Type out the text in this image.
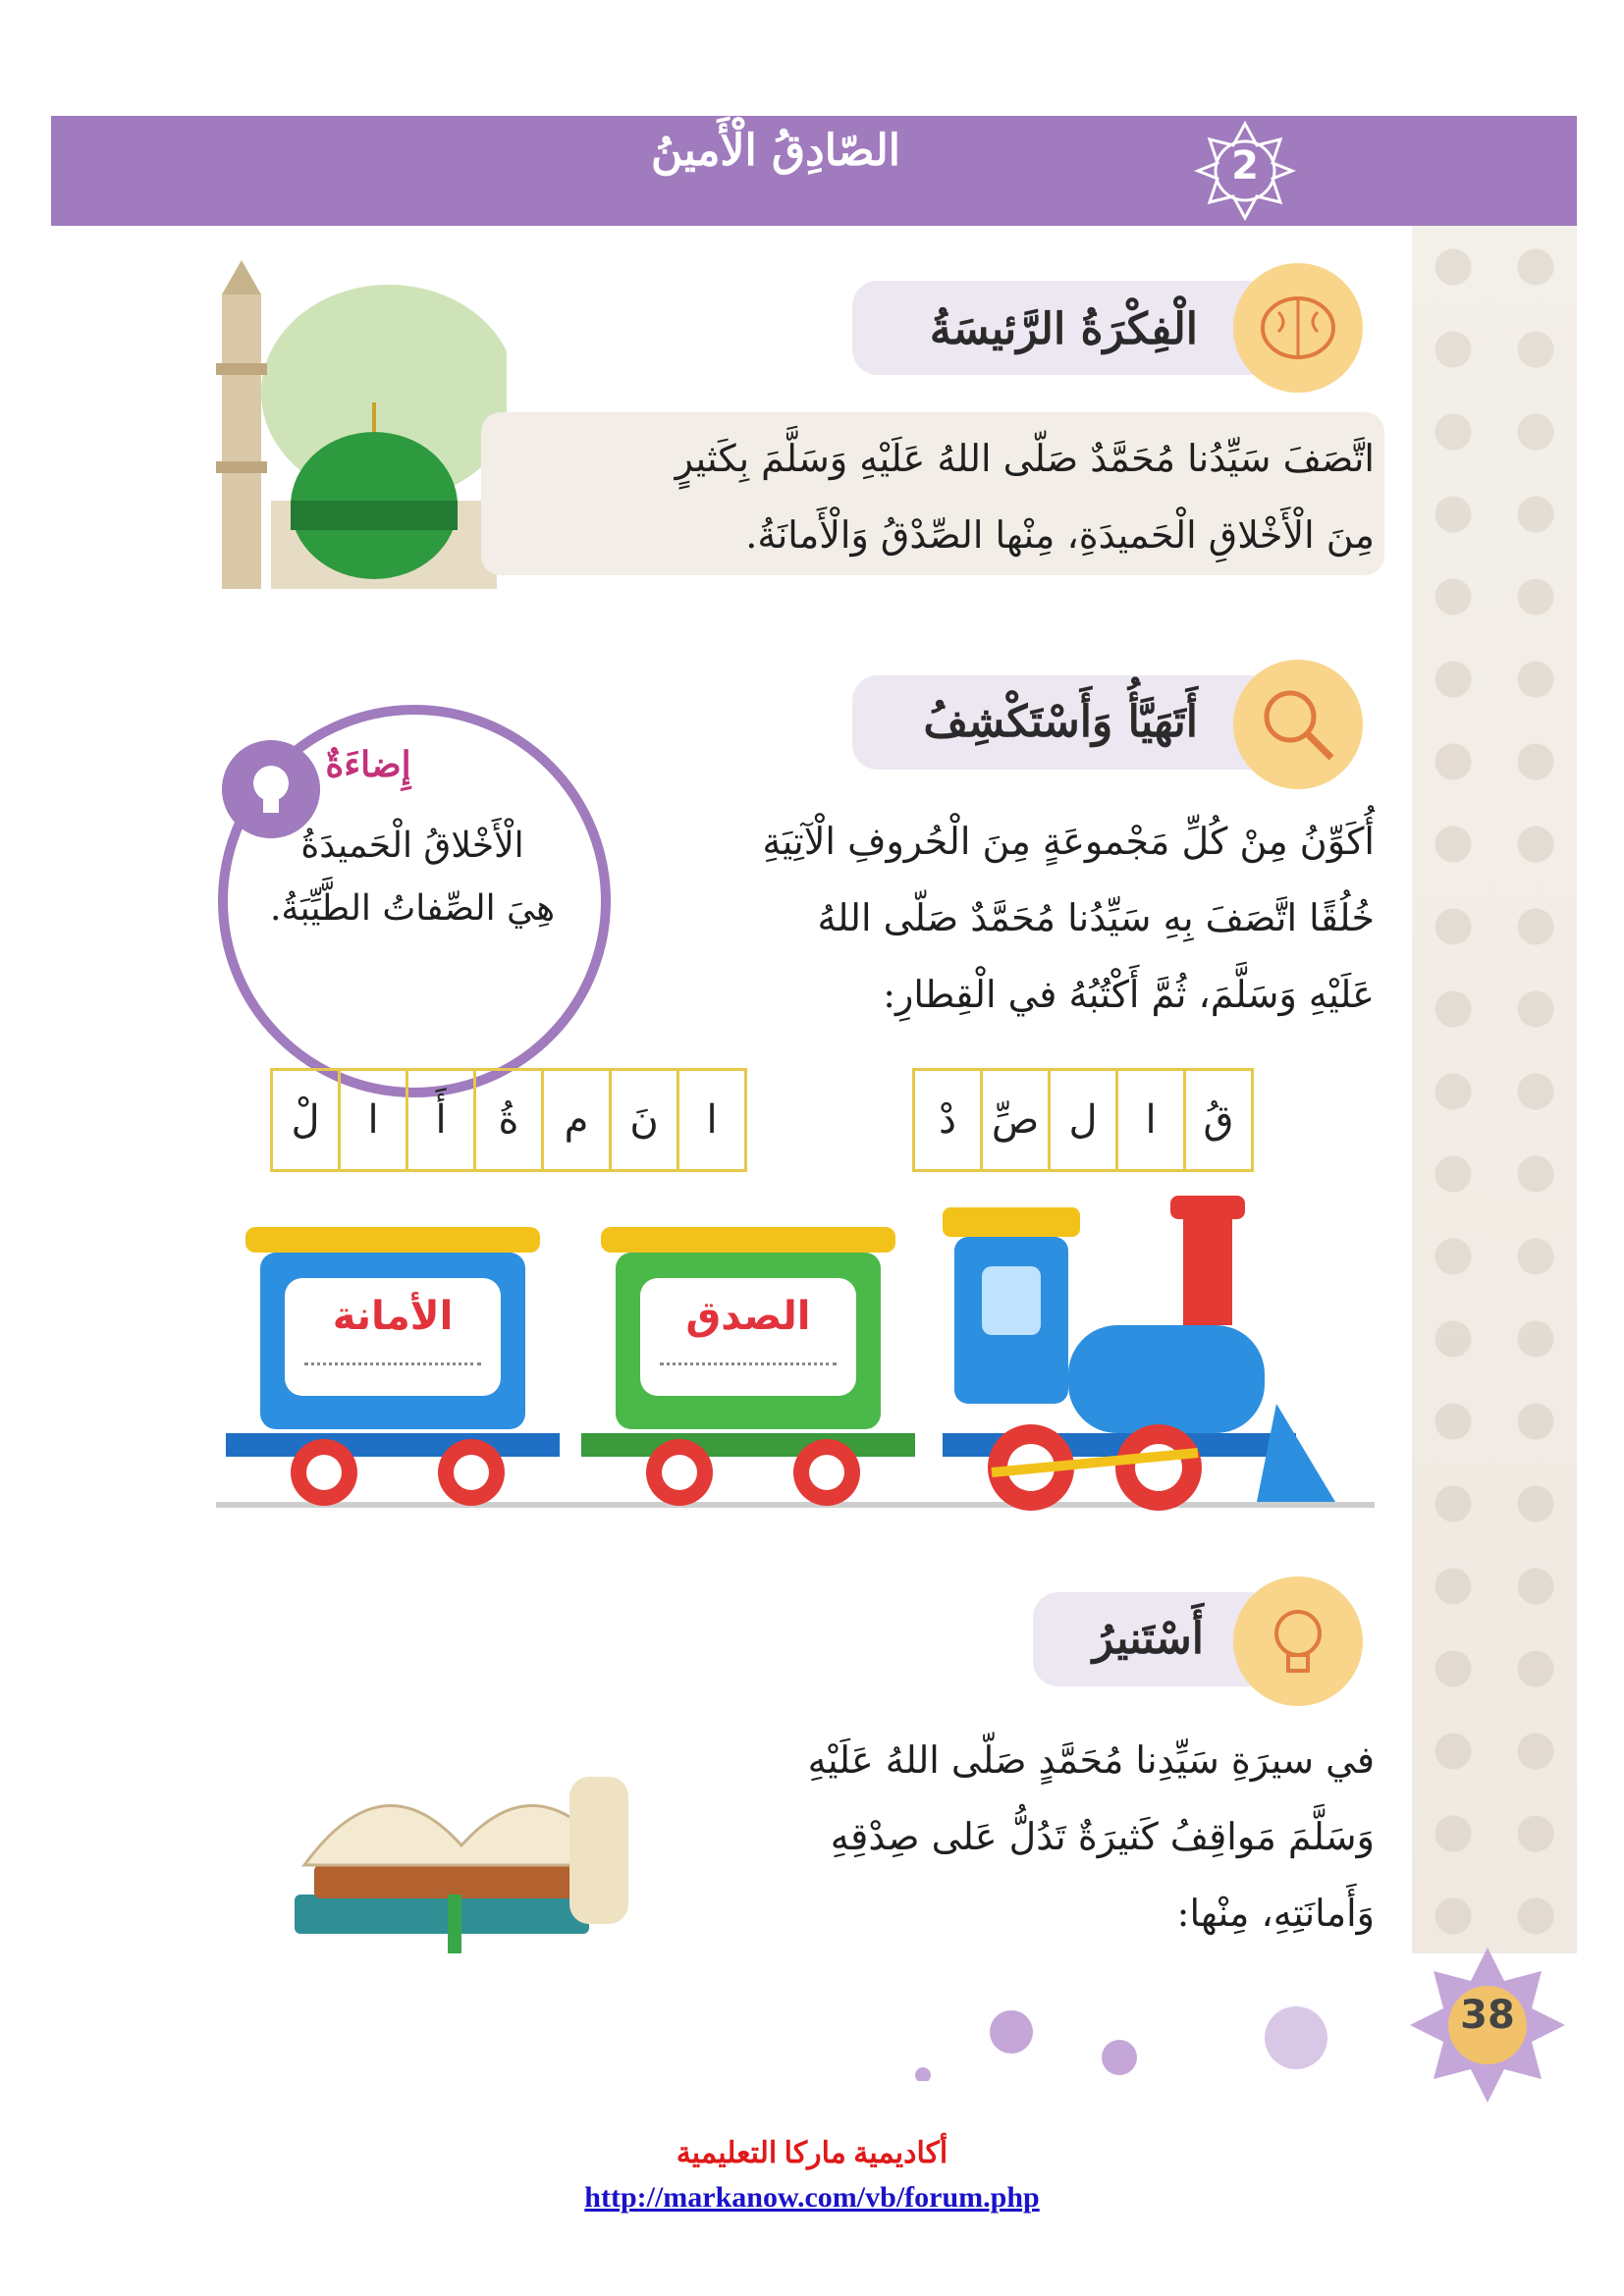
2
الصّادِقُ الْأَمينُ
الْفِكْرَةُ الرَّئيسَةُ
اتَّصَفَ سَيِّدُنا مُحَمَّدٌ صَلّى اللهُ عَلَيْهِ وَسَلَّمَ بِكَثيرٍ
مِنَ الْأَخْلاقِ الْحَميدَةِ، مِنْها الصِّدْقُ وَالْأَمانَةُ.
أَتَهَيَّأُ وَأَسْتَكْشِفُ
أُكَوِّنُ مِنْ كُلِّ مَجْموعَةٍ مِنَ الْحُروفِ الْآتِيَةِ
خُلُقًا اتَّصَفَ بِهِ سَيِّدُنا مُحَمَّدٌ صَلّى اللهُ
عَلَيْهِ وَسَلَّمَ، ثُمَّ أَكْتُبُهُ في الْقِطارِ:
إِضاءَةٌ
الْأَخْلاقُ الْحَميدَةُ
هِيَ الصِّفاتُ الطَّيِّبَةُ.
قُ
ا
ل
صِّ
دْ
ا
نَ
م
ةُ
أَ
ا
لْ
الصدق
الأمانة
أَسْتَنيرُ
في سيرَةِ سَيِّدِنا مُحَمَّدٍ صَلّى اللهُ عَلَيْهِ
وَسَلَّمَ مَواقِفُ كَثيرَةٌ تَدُلُّ عَلى صِدْقِهِ
وَأَمانَتِهِ، مِنْها:
38
أكاديمية ماركا التعليمية
http://markanow.com/vb/forum.php
